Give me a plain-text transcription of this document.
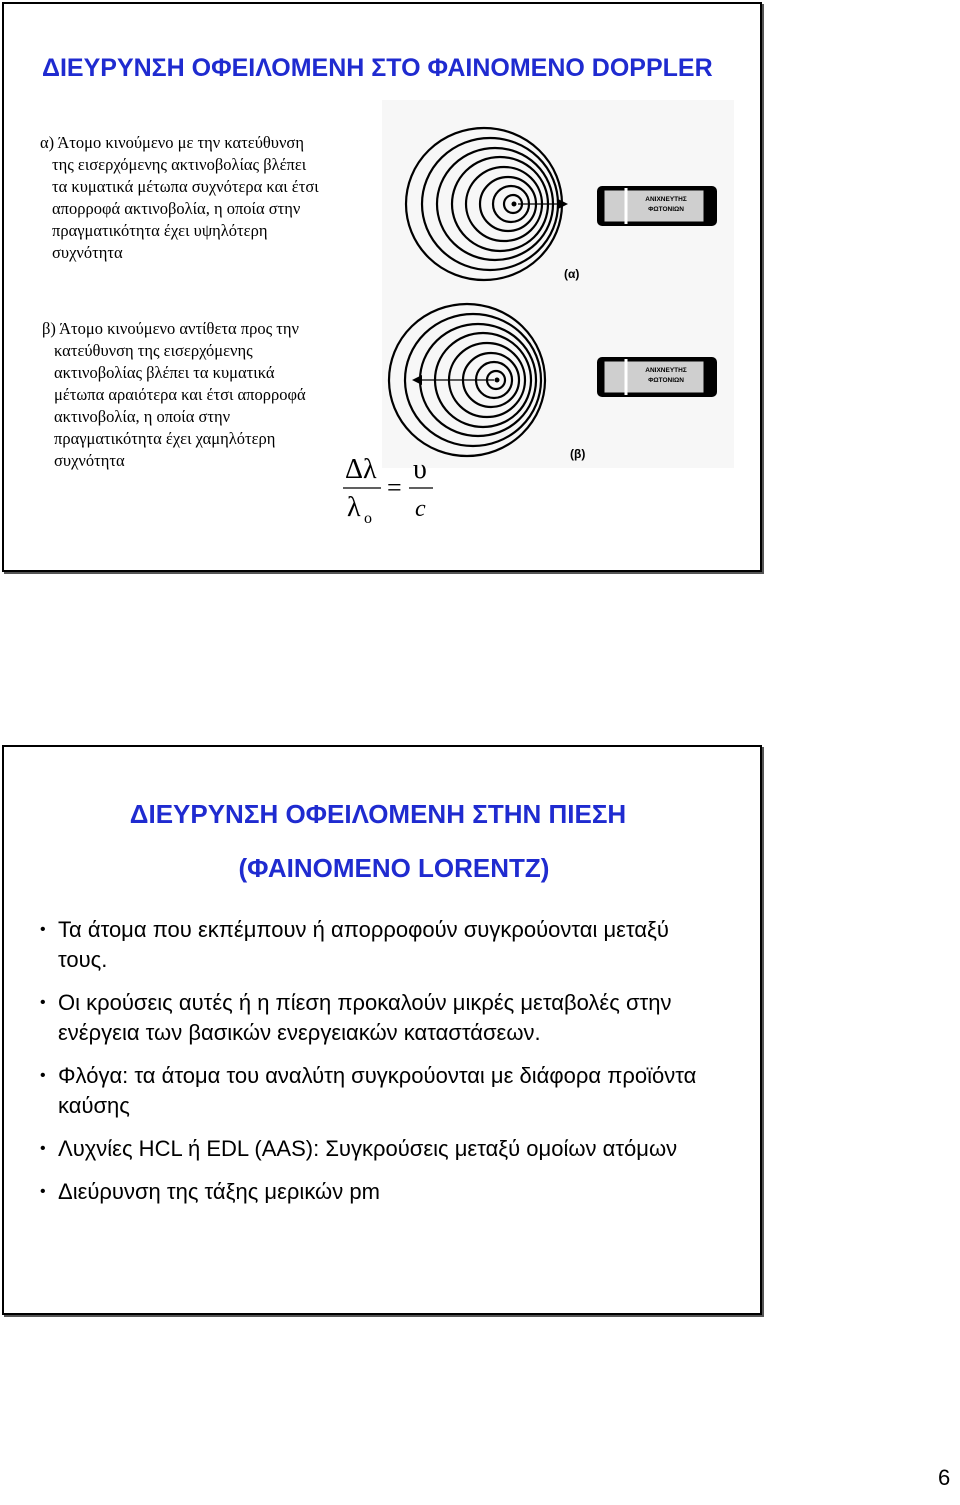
ΔΙΕΥΡΥΝΣΗ ΟΦΕΙΛΟΜΕΝΗ ΣΤΟ ΦΑΙΝΟΜΕΝΟ DOPPLER

α) Άτομο κινούμενο με την κατεύθυνση
της εισερχόμενης ακτινοβολίας βλέπει
τα κυματικά μέτωπα συχνότερα και έτσι
απορροφά ακτινοβολία, η οποία στην
πραγματικότητα έχει υψηλότερη
συχνότητα

β) Άτομο κινούμενο αντίθετα προς την
κατεύθυνση της εισερχόμενης
ακτινοβολίας βλέπει τα κυματικά
μέτωπα αραιότερα και έτσι απορροφά
ακτινοβολία, η οποία στην
πραγματικότητα έχει χαμηλότερη
συχνότητα

ΑΝΙΧΝΕΥΤΗΣ
ΦΩΤΟΝΙΩΝ
(α)
ΑΝΙΧΝΕΥΤΗΣ
ΦΩΤΟΝΙΩΝ
(β)
Δλ
λ o
=
υ
c
ΔΙΕΥΡΥΝΣΗ ΟΦΕΙΛΟΜΕΝΗ ΣΤΗΝ ΠΙΕΣΗ
(ΦΑΙΝΟΜΕΝΟ LORENTZ)
• Τα άτομα που εκπέμπουν ή απορροφούν συγκρούονται μεταξύ τους.
• Οι κρούσεις αυτές ή η πίεση προκαλούν μικρές μεταβολές στην ενέργεια των βασικών ενεργειακών καταστάσεων.
• Φλόγα: τα άτομα του αναλύτη συγκρούονται με διάφορα προϊόντα καύσης
• Λυχνίες HCL ή EDL (AAS): Συγκρούσεις μεταξύ ομοίων ατόμων
• Διεύρυνση της τάξης μερικών pm
6
